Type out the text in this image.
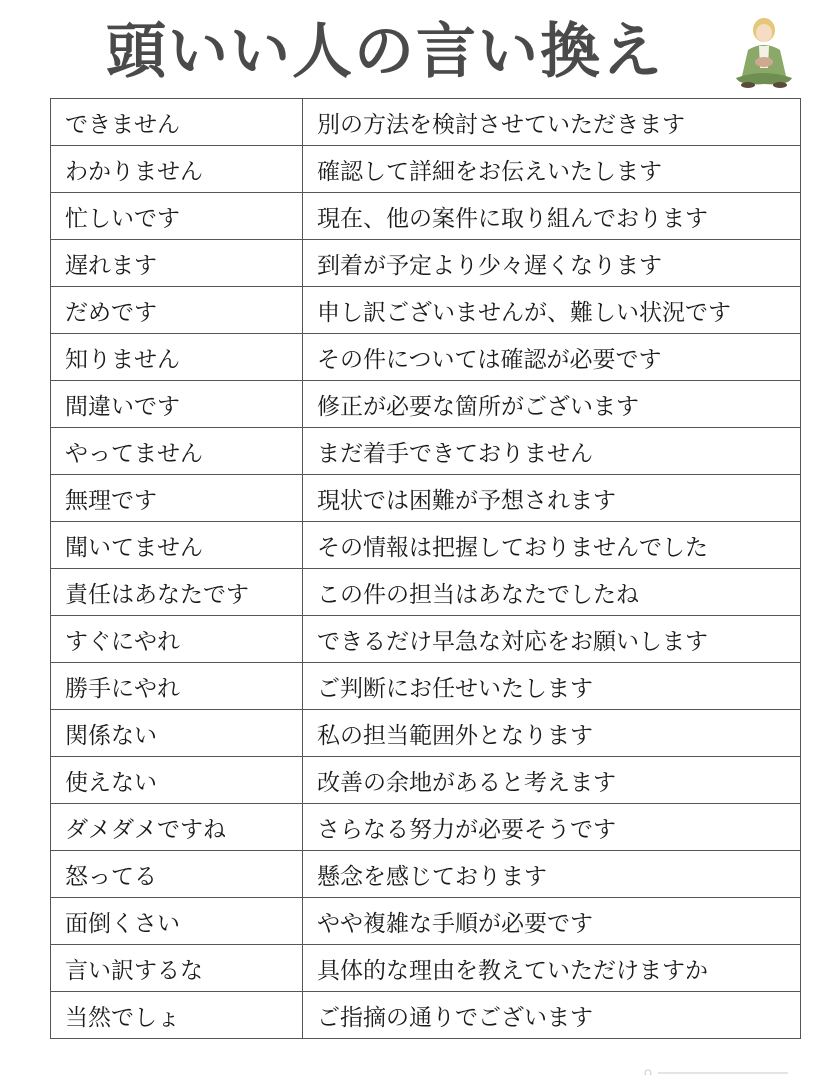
頭いい人の言い換え
できません	別の方法を検討させていただきます
わかりません	確認して詳細をお伝えいたします
忙しいです	現在、他の案件に取り組んでおります
遅れます	到着が予定より少々遅くなります
だめです	申し訳ございませんが、難しい状況です
知りません	その件については確認が必要です
間違いです	修正が必要な箇所がございます
やってません	まだ着手できておりません
無理です	現状では困難が予想されます
聞いてません	その情報は把握しておりませんでした
責任はあなたです	この件の担当はあなたでしたね
すぐにやれ	できるだけ早急な対応をお願いします
勝手にやれ	ご判断にお任せいたします
関係ない	私の担当範囲外となります
使えない	改善の余地があると考えます
ダメダメですね	さらなる努力が必要そうです
怒ってる	懸念を感じております
面倒くさい	やや複雑な手順が必要です
言い訳するな	具体的な理由を教えていただけますか
当然でしょ	ご指摘の通りでございます
